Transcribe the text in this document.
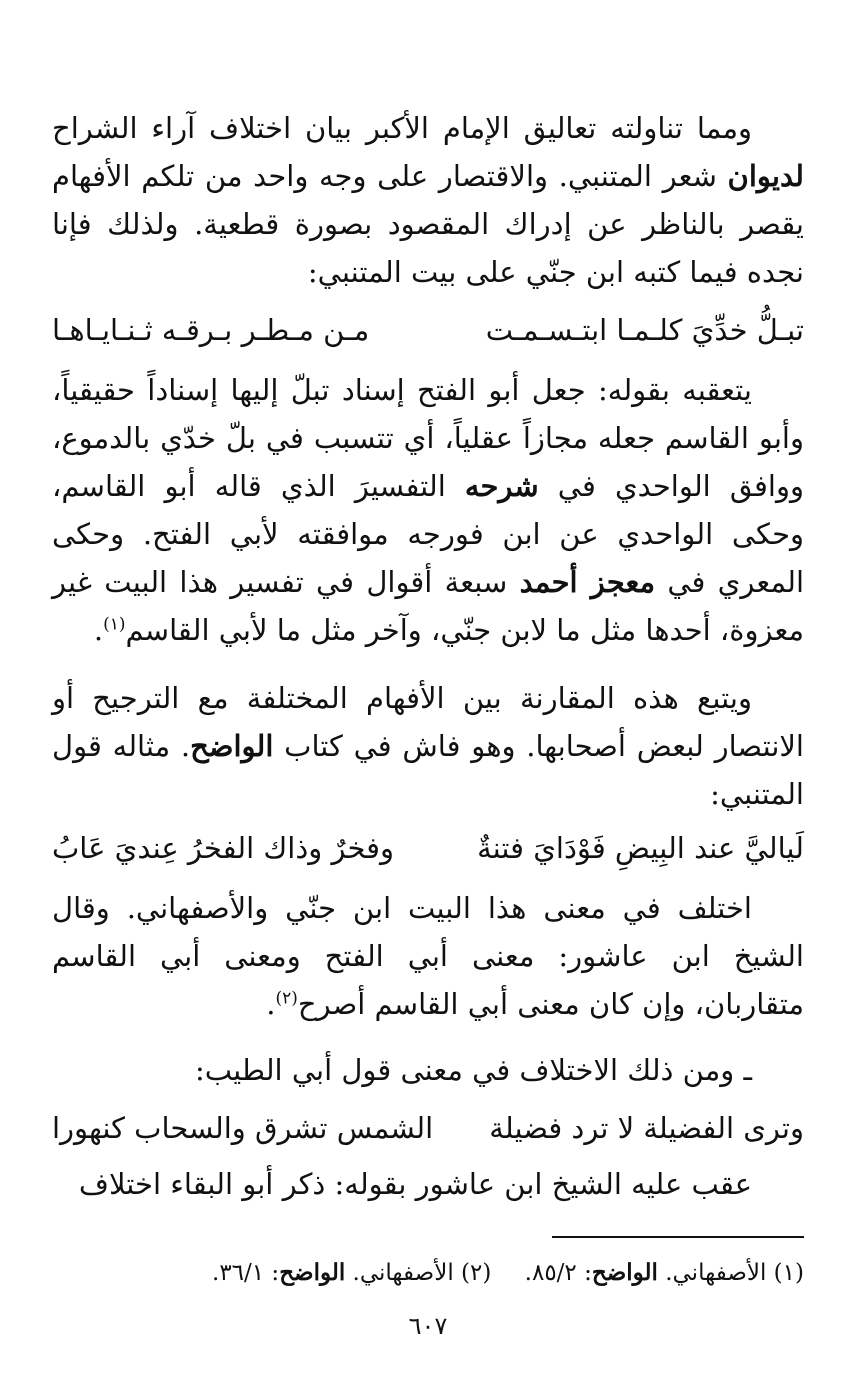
ومما تناولته تعاليق الإمام الأكبر بيان اختلاف آراء الشراح لديوان شعر المتنبي. والاقتصار على وجه واحد من تلكم الأفهام يقصر بالناظر عن إدراك المقصود بصورة قطعية. ولذلك فإنا نجده فيما كتبه ابن جنّي على بيت المتنبي:

تبـلُّ خدِّيَ كلـمـا ابتـسـمـت
مـن مـطـر بـرقـه ثـنـايـاهـا

يتعقبه بقوله: جعل أبو الفتح إسناد تبلّ إليها إسناداً حقيقياً، وأبو القاسم جعله مجازاً عقلياً، أي تتسبب في بلّ خدّي بالدموع، ووافق الواحدي في شرحه التفسيرَ الذي قاله أبو القاسم، وحكى الواحدي عن ابن فورجه موافقته لأبي الفتح. وحكى المعري في معجز أحمد سبعة أقوال في تفسير هذا البيت غير معزوة، أحدها مثل ما لابن جنّي، وآخر مثل ما لأبي القاسم$^{(١)}$.

ويتبع هذه المقارنة بين الأفهام المختلفة مع الترجيح أو الانتصار لبعض أصحابها. وهو فاش في كتاب الواضح. مثاله قول المتنبي:

لَياليَّ عند البِيضِ فَوْدَايَ فتنةٌ
وفخرٌ وذاك الفخرُ عِنديَ عَابُ

اختلف في معنى هذا البيت ابن جنّي والأصفهاني. وقال الشيخ ابن عاشور: معنى أبي الفتح ومعنى أبي القاسم متقاربان، وإن كان معنى أبي القاسم أصرح$^{(٢)}$.

ـ ومن ذلك الاختلاف في معنى قول أبي الطيب:

وترى الفضيلة لا ترد فضيلة
الشمس تشرق والسحاب كنهورا

عقب عليه الشيخ ابن عاشور بقوله: ذكر أبو البقاء اختلاف

(١) الأصفهاني. الواضح: ٨٥/٢. (٢) الأصفهاني. الواضح: ٣٦/١.
٦٠٧
